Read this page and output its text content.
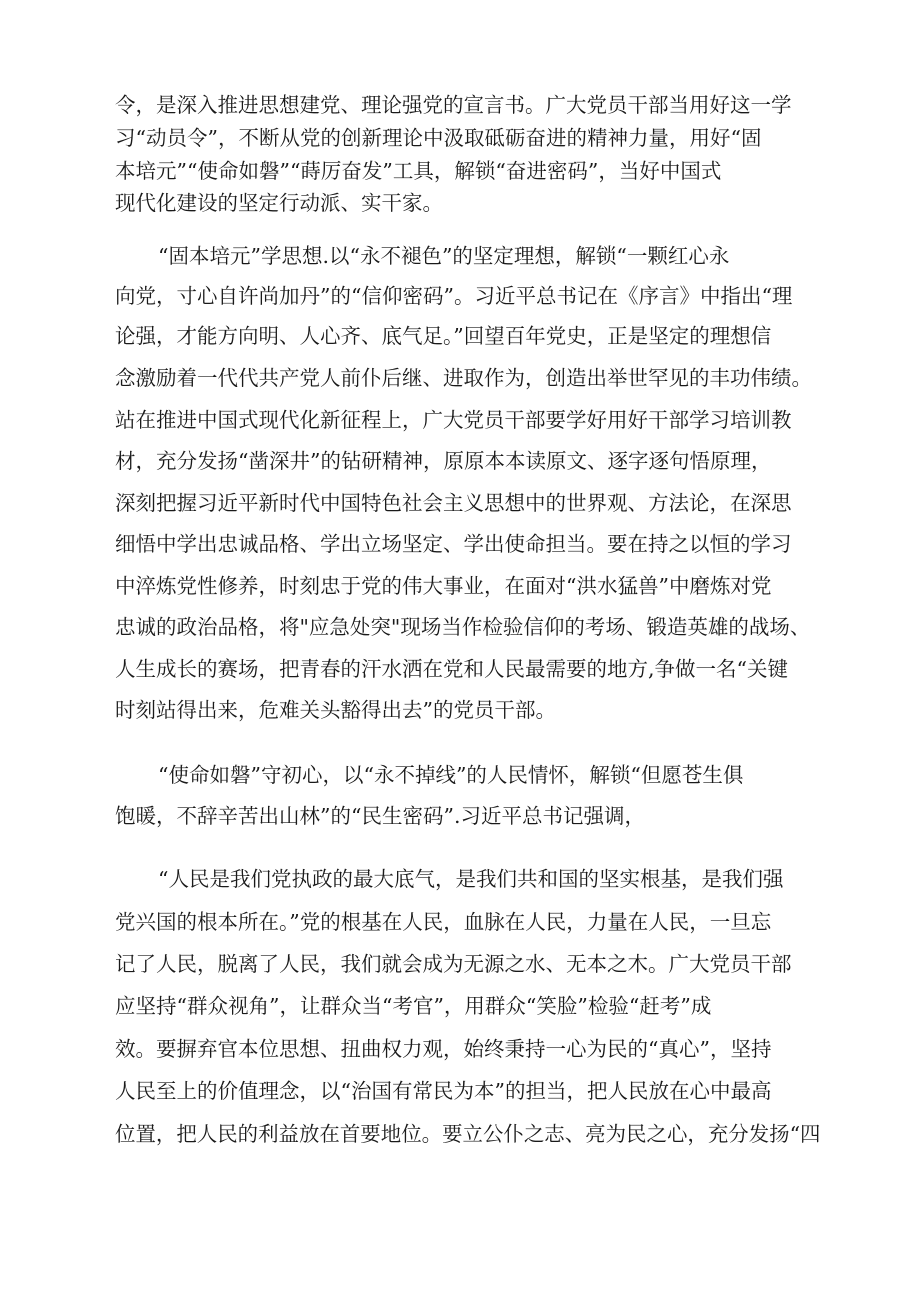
令，是深入推进思想建党、理论强党的宣言书。广大党员干部当用好这一学

习“动员令”，不断从党的创新理论中汲取砥砺奋进的精神力量，用好“固

本培元”“使命如磐”“蒔厉奋发”工具，解锁“奋进密码”，当好中国式

现代化建设的坚定行动派、实干家。

“固本培元”学思想.以“永不褪色”的坚定理想，解锁“一颗红心永

向党，寸心自许尚加丹”的“信仰密码”。习近平总书记在《序言》中指出“理

论强，才能方向明、人心齐、底气足。”回望百年党史，正是坚定的理想信

念激励着一代代共产党人前仆后继、进取作为，创造出举世罕见的丰功伟绩。

站在推进中国式现代化新征程上，广大党员干部要学好用好干部学习培训教

材，充分发扬“凿深井”的钻研精神，原原本本读原文、逐字逐句悟原理，

深刻把握习近平新时代中国特色社会主义思想中的世界观、方法论，在深思

细悟中学出忠诚品格、学出立场坚定、学出使命担当。要在持之以恒的学习

中淬炼党性修养，时刻忠于党的伟大事业，在面对“洪水猛兽”中磨炼对党

忠诚的政治品格，将"应急处突"现场当作检验信仰的考场、锻造英雄的战场、

人生成长的赛场，把青春的汗水洒在党和人民最需要的地方,争做一名“关键

时刻站得出来，危难关头豁得出去”的党员干部。

“使命如磐”守初心，以“永不掉线”的人民情怀，解锁“但愿苍生俱

饱暖，不辞辛苦出山林”的“民生密码”.习近平总书记强调，

“人民是我们党执政的最大底气，是我们共和国的坚实根基，是我们强

党兴国的根本所在。”党的根基在人民，血脉在人民，力量在人民，一旦忘

记了人民，脱离了人民，我们就会成为无源之水、无本之木。广大党员干部

应坚持“群众视角”，让群众当“考官”，用群众“笑脸”检验“赶考”成

效。要摒弃官本位思想、扭曲权力观，始终秉持一心为民的“真心”，坚持

人民至上的价值理念，以“治国有常民为本”的担当，把人民放在心中最高

位置，把人民的利益放在首要地位。要立公仆之志、亮为民之心，充分发扬“四
